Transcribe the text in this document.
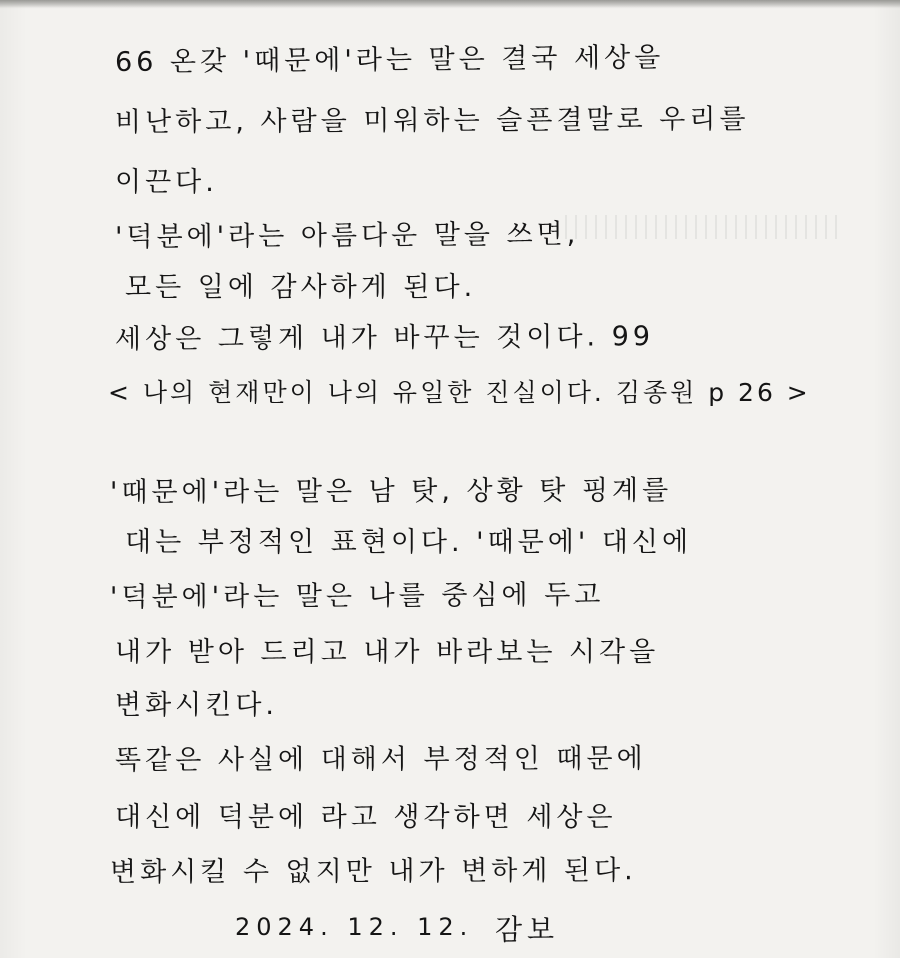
66 온갖 '때문에'라는 말은 결국 세상을
비난하고, 사람을 미워하는 슬픈결말로 우리를
이끈다.
'덕분에'라는 아름다운 말을 쓰면,
모든 일에 감사하게 된다.
세상은 그렇게 내가 바꾸는 것이다. 99
< 나의 현재만이 나의 유일한 진실이다. 김종원 p 26 >
'때문에'라는 말은 남 탓, 상황 탓 핑계를
대는 부정적인 표현이다. '때문에' 대신에
'덕분에'라는 말은 나를 중심에 두고
내가 받아 드리고 내가 바라보는 시각을
변화시킨다.
똑같은 사실에 대해서 부정적인 때문에
대신에 덕분에 라고 생각하면 세상은
변화시킬 수 없지만 내가 변하게 된다.
2024. 12. 12. 감보
